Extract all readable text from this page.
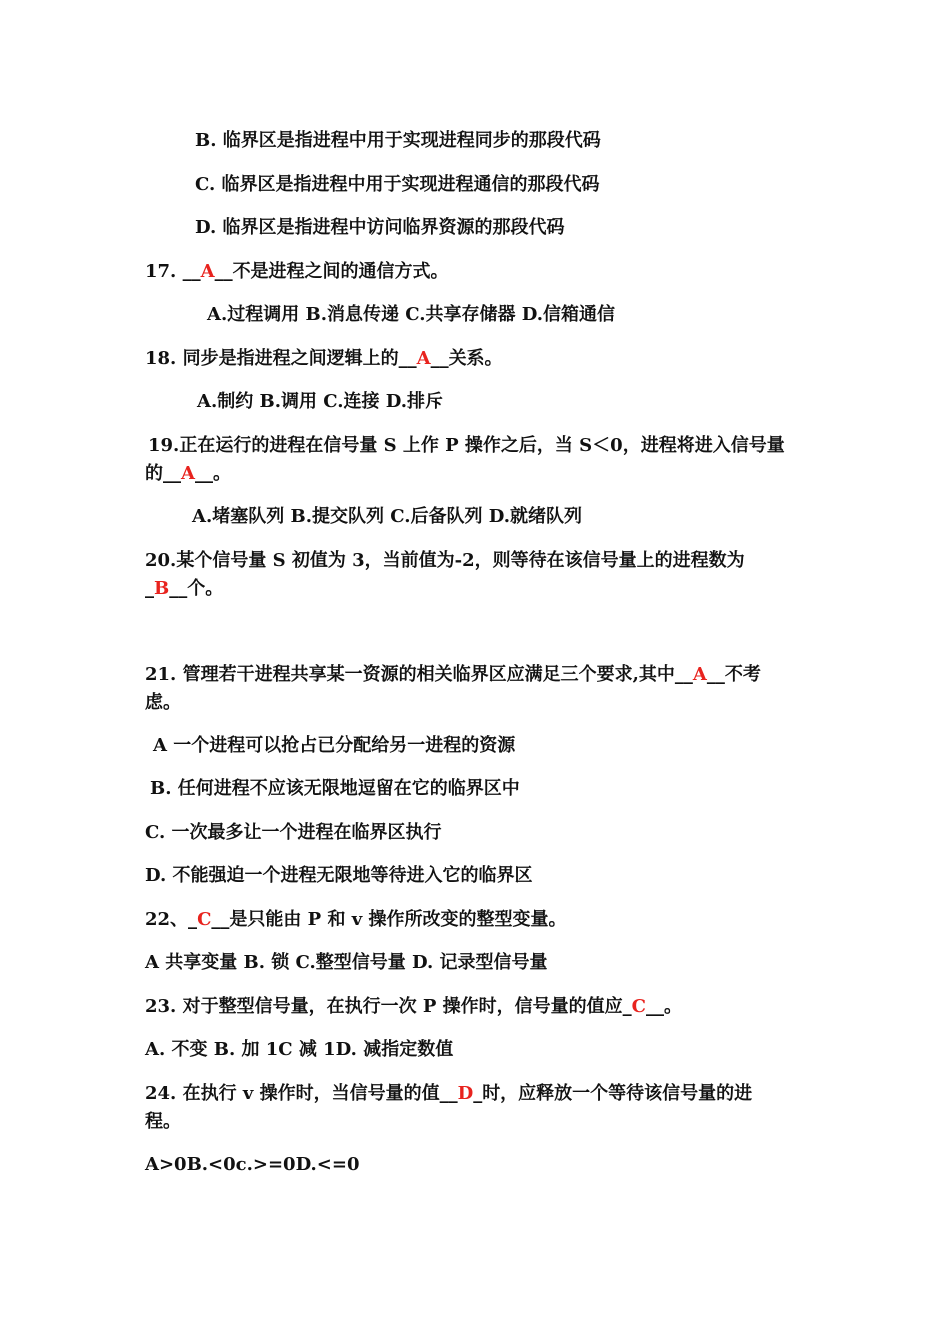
B. 临界区是指进程中用于实现进程同步的那段代码
C. 临界区是指进程中用于实现进程通信的那段代码
D. 临界区是指进程中访问临界资源的那段代码
17. __A__不是进程之间的通信方式。
A.过程调用 B.消息传递 C.共享存储器 D.信箱通信
18. 同步是指进程之间逻辑上的__A__关系。
A.制约 B.调用 C.连接 D.排斥
19.正在运行的进程在信号量 S 上作 P 操作之后，当 S＜0，进程将进入信号量
的__A__。
A.堵塞队列 B.提交队列 C.后备队列 D.就绪队列
20.某个信号量 S 初值为 3，当前值为-2，则等待在该信号量上的进程数为
_B__个。
21. 管理若干进程共享某一资源的相关临界区应满足三个要求,其中__A__不考
虑。
A 一个进程可以抢占已分配给另一进程的资源
B. 任何进程不应该无限地逗留在它的临界区中
C. 一次最多让一个进程在临界区执行
D. 不能强迫一个进程无限地等待进入它的临界区
22、_C__是只能由 P 和 v 操作所改变的整型变量。
A 共享变量 B. 锁 C.整型信号量 D. 记录型信号量
23. 对于整型信号量，在执行一次 P 操作时，信号量的值应_C__。
A. 不变 B. 加 1C 减 1D. 减指定数值
24. 在执行 v 操作时，当信号量的值__D_时，应释放一个等待该信号量的进
程。
A>0B.<0c.>=0D.<=0
